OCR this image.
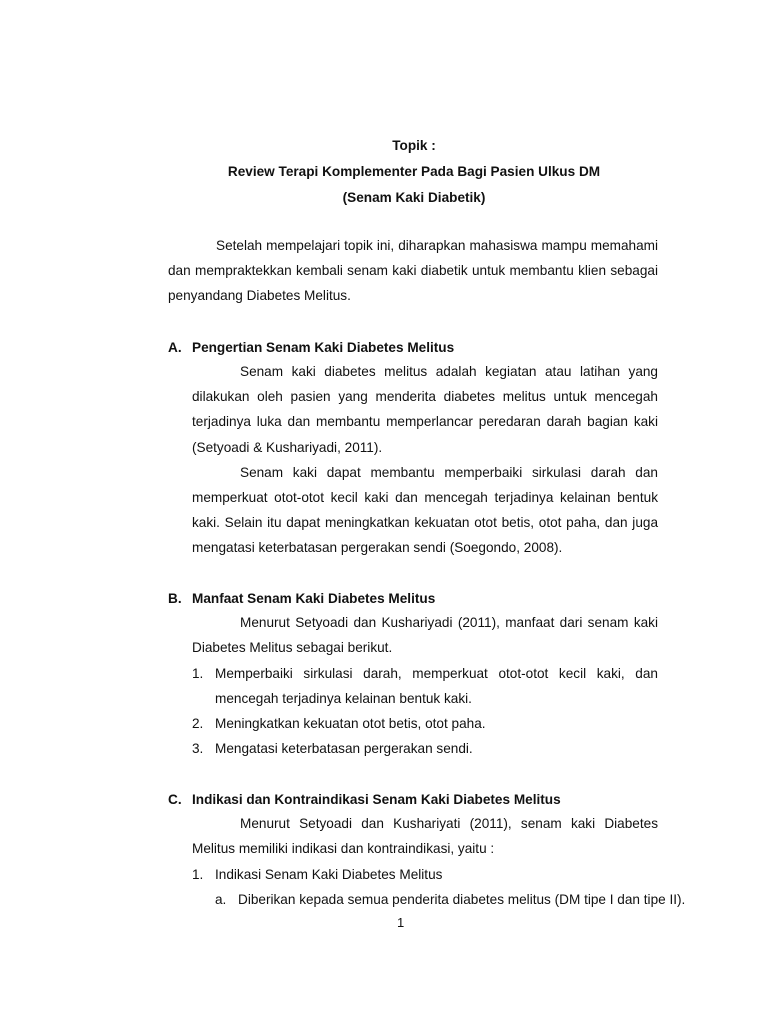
Topik :
Review Terapi Komplementer Pada Bagi Pasien Ulkus DM
(Senam Kaki Diabetik)

Setelah mempelajari topik ini, diharapkan mahasiswa mampu memahami dan mempraktekkan kembali senam kaki diabetik untuk membantu klien sebagai penyandang Diabetes Melitus.

A. Pengertian Senam Kaki Diabetes Melitus

Senam kaki diabetes melitus adalah kegiatan atau latihan yang dilakukan oleh pasien yang menderita diabetes melitus untuk mencegah terjadinya luka dan membantu memperlancar peredaran darah bagian kaki (Setyoadi & Kushariyadi, 2011).

Senam kaki dapat membantu memperbaiki sirkulasi darah dan memperkuat otot-otot kecil kaki dan mencegah terjadinya kelainan bentuk kaki. Selain itu dapat meningkatkan kekuatan otot betis, otot paha, dan juga mengatasi keterbatasan pergerakan sendi (Soegondo, 2008).

B. Manfaat Senam Kaki Diabetes Melitus

Menurut Setyoadi dan Kushariyadi (2011), manfaat dari senam kaki Diabetes Melitus sebagai berikut.

1. Memperbaiki sirkulasi darah, memperkuat otot-otot kecil kaki, dan mencegah terjadinya kelainan bentuk kaki.
2. Meningkatkan kekuatan otot betis, otot paha.
3. Mengatasi keterbatasan pergerakan sendi.
C. Indikasi dan Kontraindikasi Senam Kaki Diabetes Melitus

Menurut Setyoadi dan Kushariyati (2011), senam kaki Diabetes Melitus memiliki indikasi dan kontraindikasi, yaitu :

1. Indikasi Senam Kaki Diabetes Melitus
a. Diberikan kepada semua penderita diabetes melitus (DM tipe I dan tipe II).
1
